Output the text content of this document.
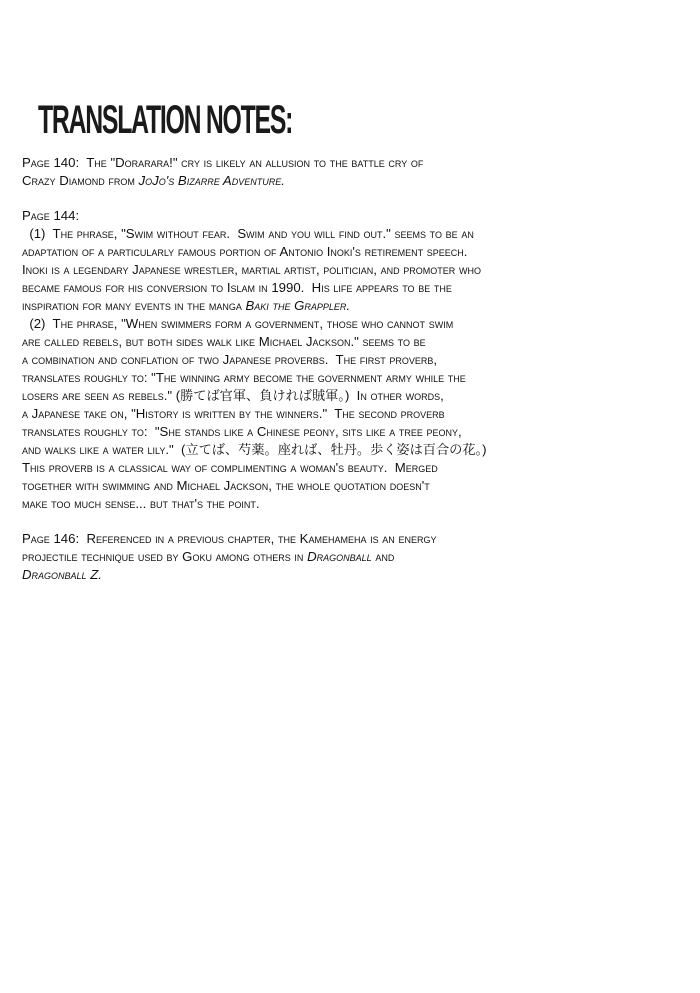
TRANSLATION NOTES:
Page 140:  The "Dorarara!" cry is likely an allusion to the battle cry of
Crazy Diamond from JoJo's Bizarre Adventure.
Page 144:
(1)  The phrase, "Swim without fear.  Swim and you will find out." seems to be an
adaptation of a particularly famous portion of Antonio Inoki's retirement speech.
Inoki is a legendary Japanese wrestler, martial artist, politician, and promoter who
became famous for his conversion to Islam in 1990.  His life appears to be the
inspiration for many events in the manga Baki the Grappler.
(2)  The phrase, "When swimmers form a government, those who cannot swim
are called rebels, but both sides walk like Michael Jackson." seems to be
a combination and conflation of two Japanese proverbs.  The first proverb,
translates roughly to: "The winning army become the government army while the
losers are seen as rebels." (勝てば官軍、負ければ賊軍。)  In other words,
a Japanese take on, "History is written by the winners."  The second proverb
translates roughly to:  "She stands like a Chinese peony, sits like a tree peony,
and walks like a water lily."  (立てば、芍薬。座れば、牡丹。歩く姿は百合の花。)
This proverb is a classical way of complimenting a woman's beauty.  Merged
together with swimming and Michael Jackson, the whole quotation doesn't
make too much sense... but that's the point.
Page 146:  Referenced in a previous chapter, the Kamehameha is an energy
projectile technique used by Goku among others in Dragonball and
Dragonball Z.
